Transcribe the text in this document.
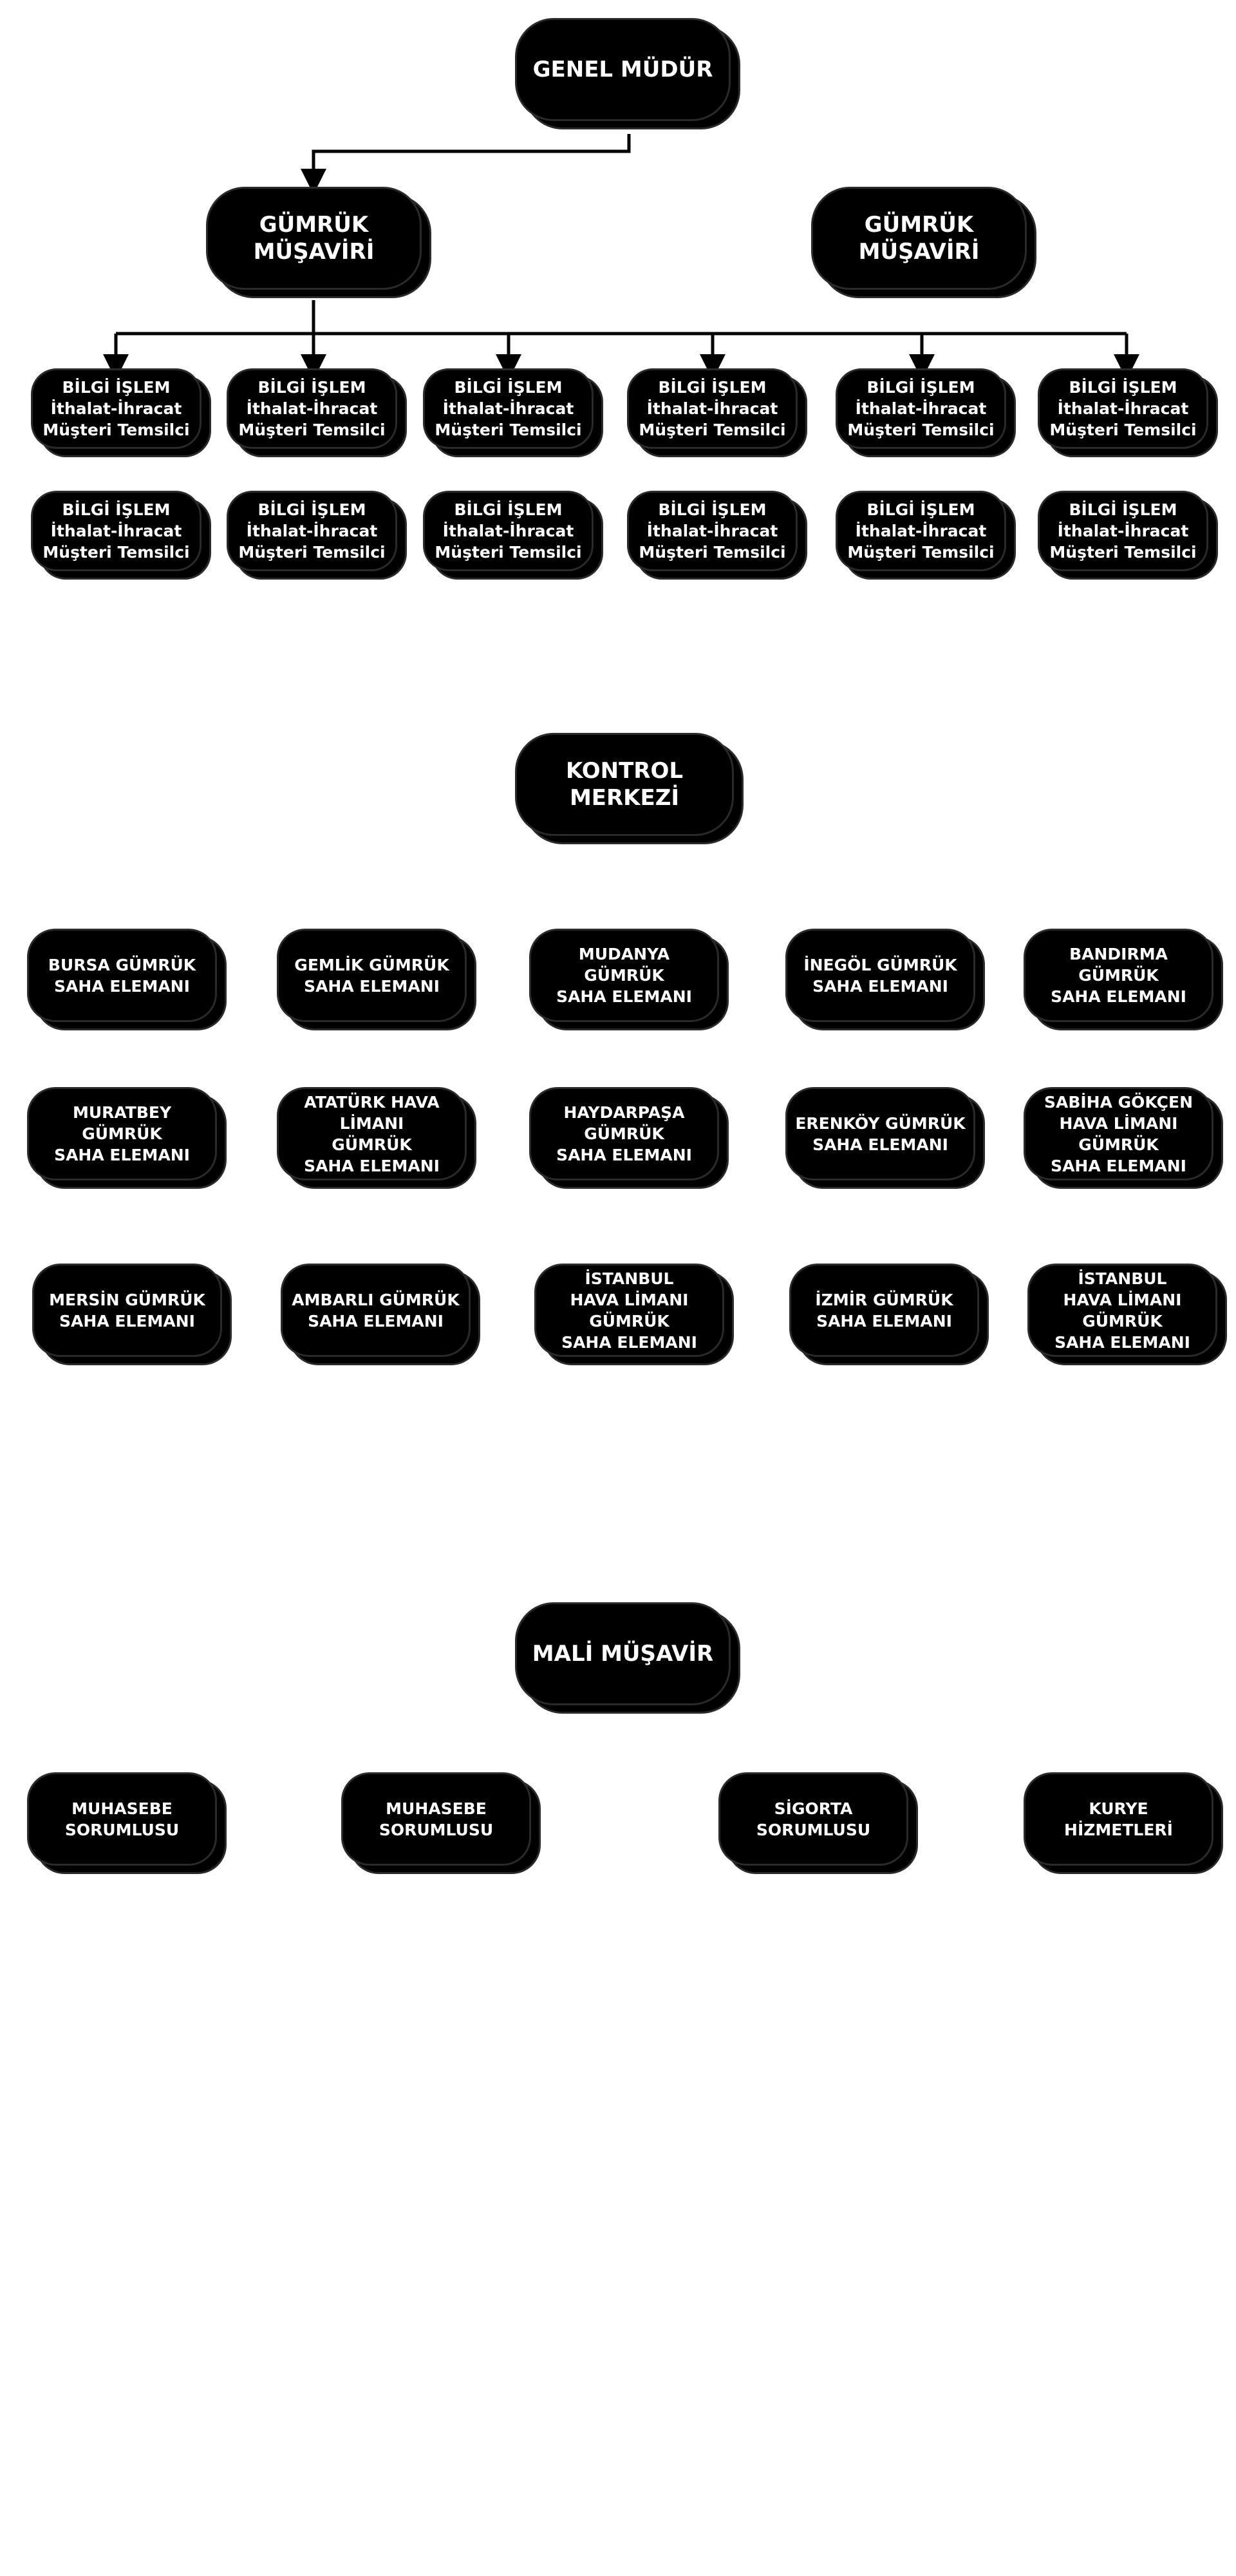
GENEL MÜDÜR
GÜMRÜK MÜŞAVİRİ
GÜMRÜK MÜŞAVİRİ
BİLGİ İŞLEM
İthalat-İhracat
Müşteri Temsilci
BİLGİ İŞLEM
İthalat-İhracat
Müşteri Temsilci
BİLGİ İŞLEM
İthalat-İhracat
Müşteri Temsilci
BİLGİ İŞLEM
İthalat-İhracat
Müşteri Temsilci
BİLGİ İŞLEM
İthalat-İhracat
Müşteri Temsilci
BİLGİ İŞLEM
İthalat-İhracat
Müşteri Temsilci
BİLGİ İŞLEM
İthalat-İhracat
Müşteri Temsilci
BİLGİ İŞLEM
İthalat-İhracat
Müşteri Temsilci
BİLGİ İŞLEM
İthalat-İhracat
Müşteri Temsilci
BİLGİ İŞLEM
İthalat-İhracat
Müşteri Temsilci
BİLGİ İŞLEM
İthalat-İhracat
Müşteri Temsilci
BİLGİ İŞLEM
İthalat-İhracat
Müşteri Temsilci
KONTROL MERKEZİ
BURSA GÜMRÜK
SAHA ELEMANI
GEMLİK GÜMRÜK
SAHA ELEMANI
MUDANYA GÜMRÜK
SAHA ELEMANI
İNEGÖL GÜMRÜK
SAHA ELEMANI
BANDIRMA GÜMRÜK
SAHA ELEMANI
MURATBEY GÜMRÜK
SAHA ELEMANI
ATATÜRK HAVA LİMANI
GÜMRÜK
SAHA ELEMANI
HAYDARPAŞA GÜMRÜK
SAHA ELEMANI
ERENKÖY GÜMRÜK
SAHA ELEMANI
SABİHA GÖKÇEN
HAVA LİMANI
GÜMRÜK
SAHA ELEMANI
MERSİN GÜMRÜK
SAHA ELEMANI
AMBARLI GÜMRÜK
SAHA ELEMANI
İSTANBUL
HAVA LİMANI
GÜMRÜK
SAHA ELEMANI
İZMİR GÜMRÜK
SAHA ELEMANI
İSTANBUL
HAVA LİMANI
GÜMRÜK
SAHA ELEMANI
MALİ MÜŞAVİR
MUHASEBE
SORUMLUSU
MUHASEBE
SORUMLUSU
SİGORTA
SORUMLUSU
KURYE
HİZMETLERİ
